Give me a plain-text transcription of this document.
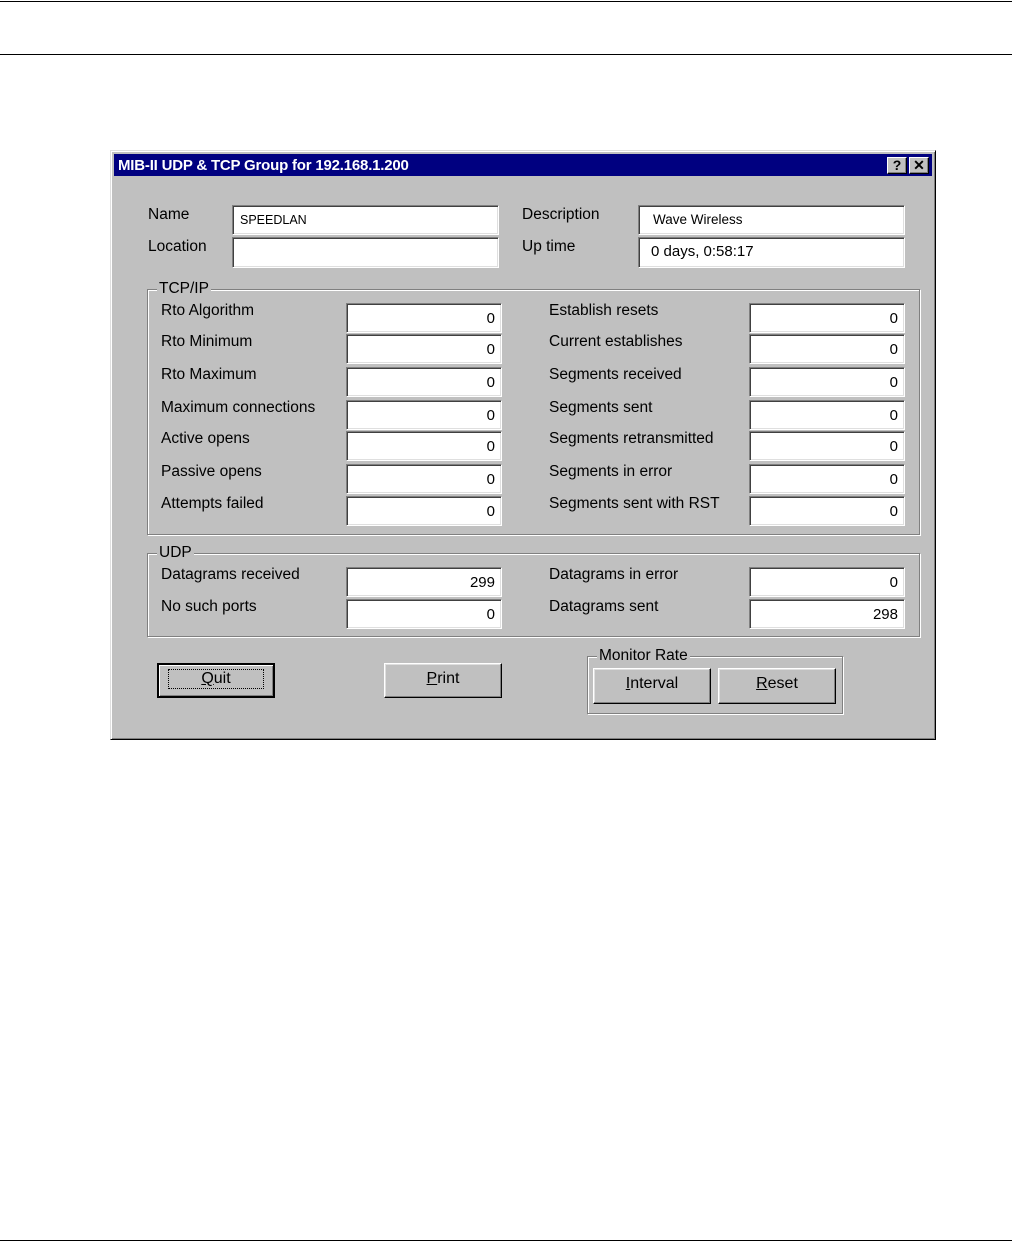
MIB-II UDP & TCP Group for 192.168.1.200	? ✕
Name	SPEEDLAN
Location
Description	Wave Wireless
Up time	0 days, 0:58:17
TCP/IP
Rto Algorithm	0	Establish resets	0
Rto Minimum	0	Current establishes	0
Rto Maximum	0	Segments received	0
Maximum connections	0	Segments sent	0
Active opens	0	Segments retransmitted	0
Passive opens	0	Segments in error	0
Attempts failed	0	Segments sent with RST	0
UDP
Datagrams received	299	Datagrams in error	0
No such ports	0	Datagrams sent	298
Quit	Print
Monitor Rate
Interval	Reset
